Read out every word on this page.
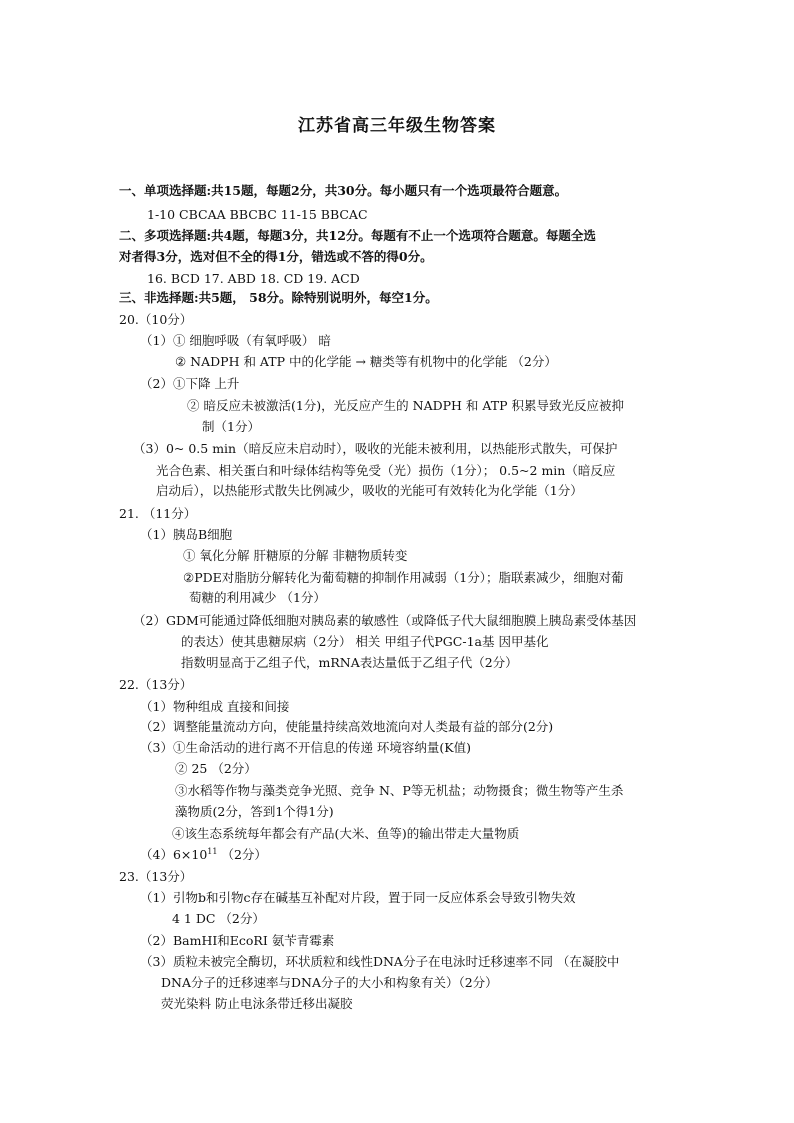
江苏省高三年级生物答案
一、单项选择题:共15题，每题2分，共30分。每小题只有一个选项最符合题意。
1-10 CBCAA BBCBC 11-15 BBCAC
二、多项选择题:共4题，每题3分，共12分。每题有不止一个选项符合题意。每题全选
对者得3分，选对但不全的得1分，错选或不答的得0分。
16. BCD 17. ABD 18. CD 19. ACD
三、非选择题:共5题， 58分。除特别说明外，每空1分。
20.（10分）
（1）① 细胞呼吸（有氧呼吸） 暗
② NADPH 和 ATP 中的化学能 → 糖类等有机物中的化学能 （2分）
（2）①下降 上升
② 暗反应未被激活(1分)，光反应产生的 NADPH 和 ATP 积累导致光反应被抑
制（1分）
（3）0~ 0.5 min（暗反应未启动时），吸收的光能未被利用，以热能形式散失，可保护
光合色素、相关蛋白和叶绿体结构等免受（光）损伤（1分）； 0.5~2 min（暗反应
启动后），以热能形式散失比例减少，吸收的光能可有效转化为化学能（1分）
21. （11分）
（1）胰岛B细胞
① 氧化分解 肝糖原的分解 非糖物质转变
②PDE对脂肪分解转化为葡萄糖的抑制作用减弱（1分）；脂联素减少，细胞对葡
萄糖的利用减少 （1分）
（2）GDM可能通过降低细胞对胰岛素的敏感性（或降低子代大鼠细胞膜上胰岛素受体基因
的表达）使其患糖尿病（2分） 相关 甲组子代PGC-1a基 因甲基化
指数明显高于乙组子代，mRNA表达量低于乙组子代（2分）
22.（13分）
（1）物种组成 直接和间接
（2）调整能量流动方向，使能量持续高效地流向对人类最有益的部分(2分)
（3）①生命活动的进行离不开信息的传递 环境容纳量(K值)
② 25 （2分）
③水稻等作物与藻类竞争光照、竞争 N、P等无机盐；动物摄食；微生物等产生杀
藻物质(2分，答到1个得1分)
④该生态系统每年都会有产品(大米、鱼等)的输出带走大量物质
$(4)6\times 10^{11}$ （2分）
23.（13分）
（1）引物b和引物c存在碱基互补配对片段，置于同一反应体系会导致引物失效
4 1 DC （2分）
（2）BamHⅠ和EcoRⅠ 氨苄青霉素
（3）质粒未被完全酶切，环状质粒和线性DNA分子在电泳时迁移速率不同 （在凝胶中
DNA分子的迁移速率与DNA分子的大小和构象有关）（2分）
荧光染料 防止电泳条带迁移出凝胶
